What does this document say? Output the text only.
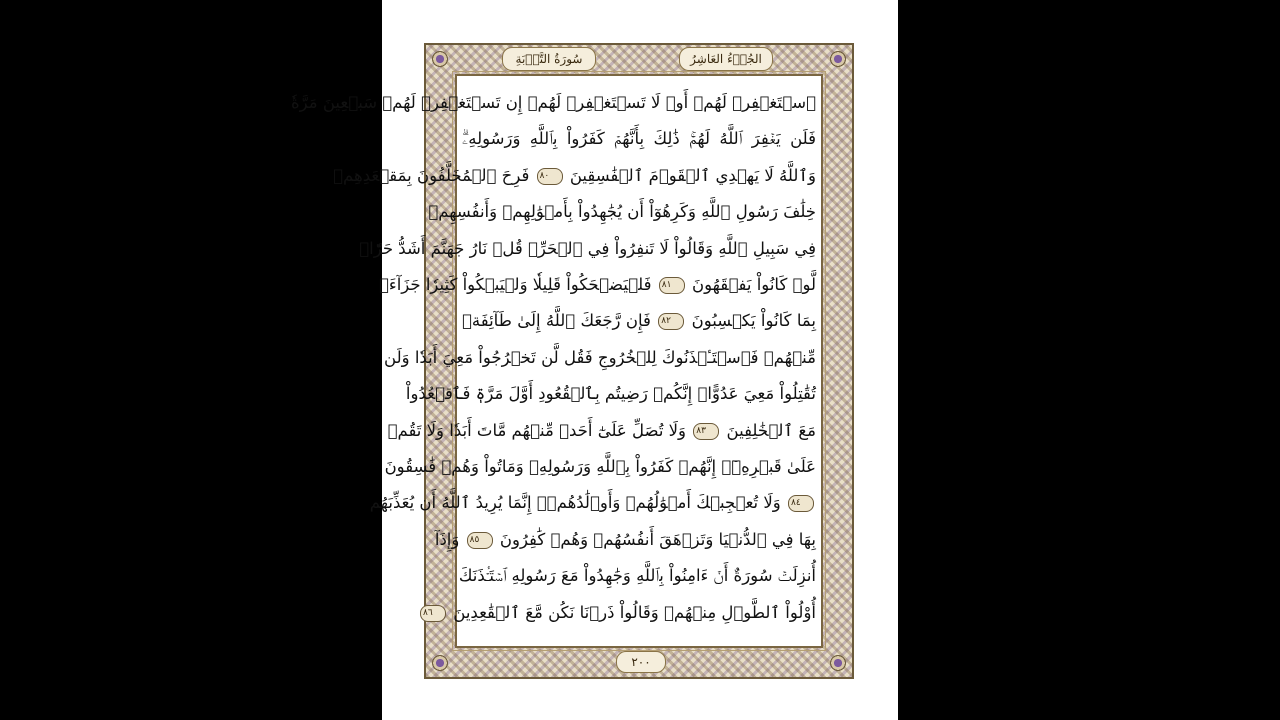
سُورَةُ التَّوۡبَةِ	الجُزۡءُ العَاشِرُ
ٱسۡتَغۡفِرۡ لَهُمۡ أَوۡ لَا تَسۡتَغۡفِرۡ لَهُمۡ إِن تَسۡتَغۡفِرۡ لَهُمۡ سَبۡعِينَ مَرَّةٗ
فَلَن يَغۡفِرَ ٱللَّهُ لَهُمۡۚ ذَٰلِكَ بِأَنَّهُمۡ كَفَرُواْ بِٱللَّهِ وَرَسُولِهِۦۗ
وَٱللَّهُ لَا يَهۡدِي ٱلۡقَوۡمَ ٱلۡفَٰسِقِينَ ٨٠ فَرِحَ ٱلۡمُخَلَّفُونَ بِمَقۡعَدِهِمۡ
خِلَٰفَ رَسُولِ ٱللَّهِ وَكَرِهُوٓاْ أَن يُجَٰهِدُواْ بِأَمۡوَٰلِهِمۡ وَأَنفُسِهِمۡ
فِي سَبِيلِ ٱللَّهِ وَقَالُواْ لَا تَنفِرُواْ فِي ٱلۡحَرِّۗ قُلۡ نَارُ جَهَنَّمَ أَشَدُّ حَرّٗاۚ
لَّوۡ كَانُواْ يَفۡقَهُونَ ٨١ فَلۡيَضۡحَكُواْ قَلِيلٗا وَلۡيَبۡكُواْ كَثِيرٗا جَزَآءَۢ
بِمَا كَانُواْ يَكۡسِبُونَ ٨٢ فَإِن رَّجَعَكَ ٱللَّهُ إِلَىٰ طَآئِفَةٖ
مِّنۡهُمۡ فَٱسۡتَـٔۡذَنُوكَ لِلۡخُرُوجِ فَقُل لَّن تَخۡرُجُواْ مَعِيَ أَبَدٗا وَلَن
تُقَٰتِلُواْ مَعِيَ عَدُوًّاۖ إِنَّكُمۡ رَضِيتُم بِٱلۡقُعُودِ أَوَّلَ مَرَّةٖ فَٱقۡعُدُواْ
مَعَ ٱلۡخَٰلِفِينَ ٨٣ وَلَا تُصَلِّ عَلَىٰٓ أَحَدٖ مِّنۡهُم مَّاتَ أَبَدٗا وَلَا تَقُمۡ
عَلَىٰ قَبۡرِهِۦٓۖ إِنَّهُمۡ كَفَرُواْ بِٱللَّهِ وَرَسُولِهِۦ وَمَاتُواْ وَهُمۡ فَٰسِقُونَ
٨٤ وَلَا تُعۡجِبۡكَ أَمۡوَٰلُهُمۡ وَأَوۡلَٰدُهُمۡۚ إِنَّمَا يُرِيدُ ٱللَّهُ أَن يُعَذِّبَهُم
بِهَا فِي ٱلدُّنۡيَا وَتَزۡهَقَ أَنفُسُهُمۡ وَهُمۡ كَٰفِرُونَ ٨٥ وَإِذَآ
أُنزِلَتۡ سُورَةٌ أَنۡ ءَامِنُواْ بِٱللَّهِ وَجَٰهِدُواْ مَعَ رَسُولِهِ ٱسۡتَـٔۡذَنَكَ
أُوْلُواْ ٱلطَّوۡلِ مِنۡهُمۡ وَقَالُواْ ذَرۡنَا نَكُن مَّعَ ٱلۡقَٰعِدِينَ ٨٦
٢٠٠
